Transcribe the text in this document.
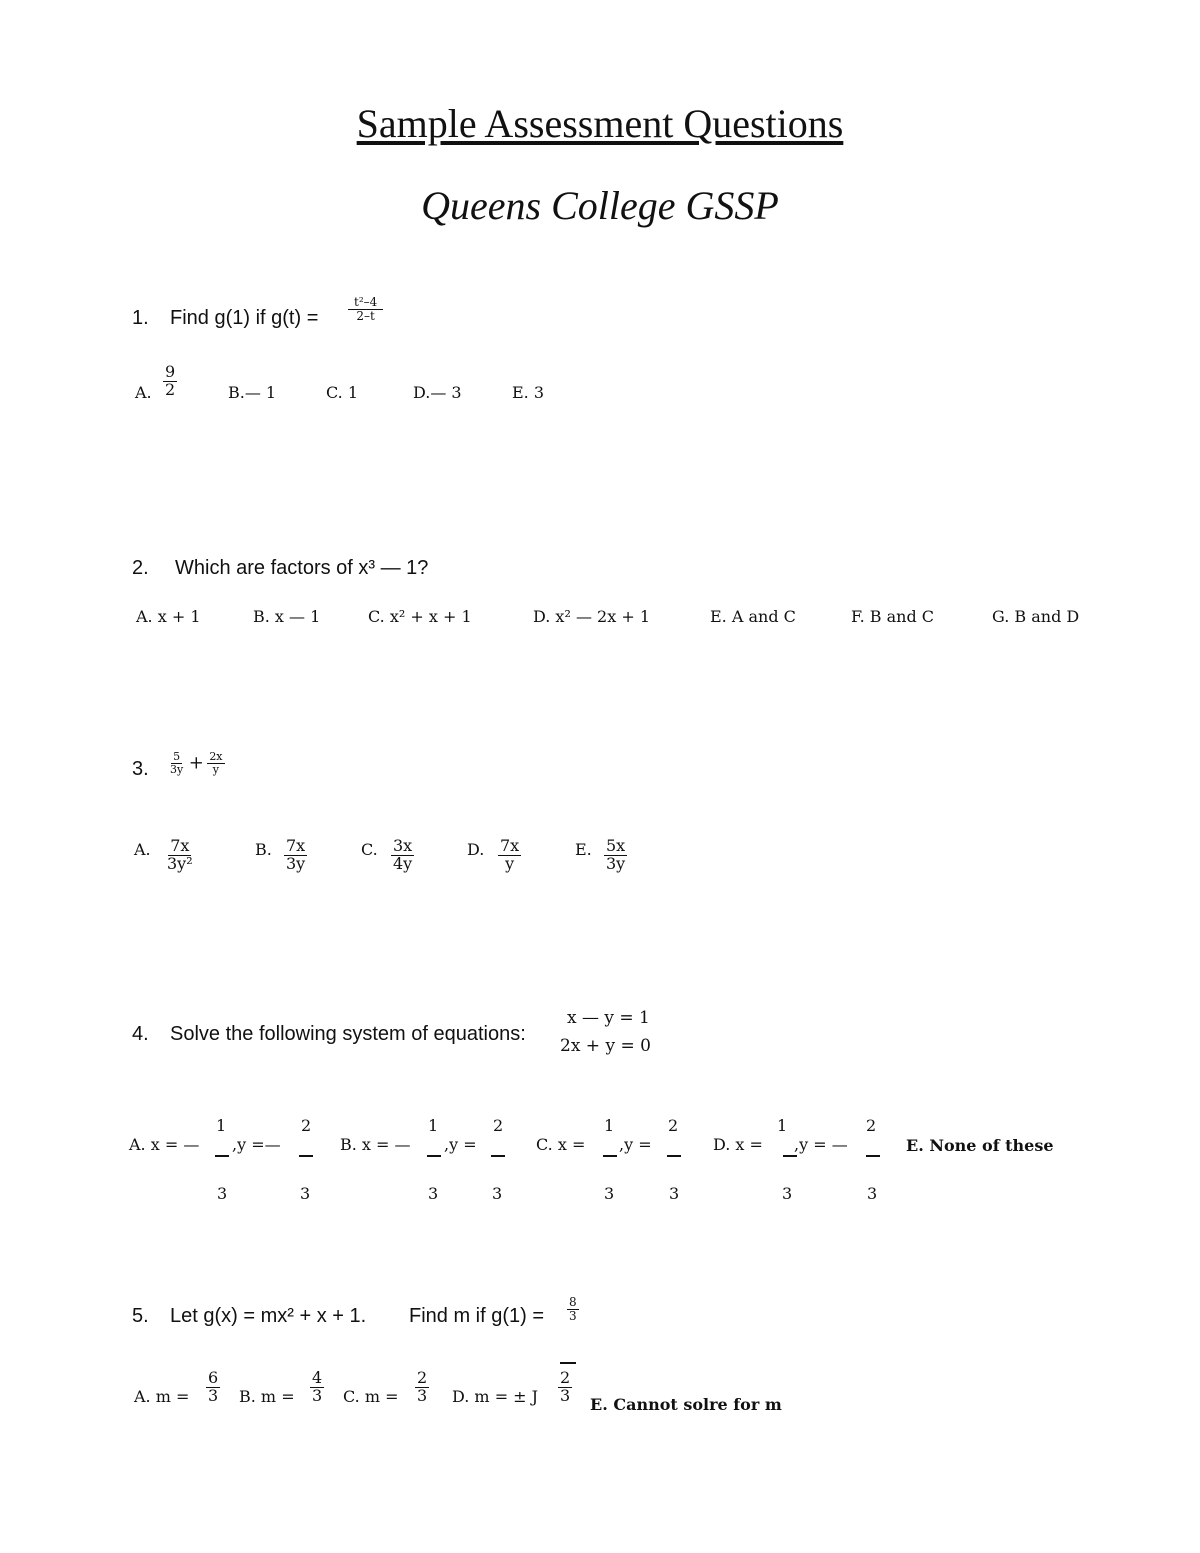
Sample Assessment Questions
Queens College GSSP
1. Find g(1) if $g(t) = \frac{\text{t²–4}}{2-t}$
A. $\frac{9}{2}$	B.— 1	C. 1	D.— 3	E. 3
2. Which are factors of x³ — 1?
A. x + 1	B. x — 1	C. x² + x + 1	D. x² — 2x + 1	E. A and C	F. B and C	G. B and D
3. $\frac{5}{3y} + \frac{2x}{y}$
A. $\frac{7x}{\text{3y²}}$	B. $\frac{7x}{3y}$	C. $\frac{3x}{4y}$	D. $\frac{7x}{y}$	E. $\frac{5x}{3y}$
4. Solve the following system of equations:
x — y = 1
2x + y = 0
A. x = —
1
,y =—
2
3	3
B. x = —
1
,y =
2
3	3
C. x =
1
,y =
2
3	3
D. x =
1
,y = —
2
3	3
E. None of these
5. Let g(x) = mx² + x + 1. Find m if $g(1) = \frac{8}{3}$
A. $m = \frac{6}{3} B$. $m = \frac{4}{3} C$. $m = \frac{2}{3} D$. m = ± J $\frac{2}{3} E$. Cannot solre for m
